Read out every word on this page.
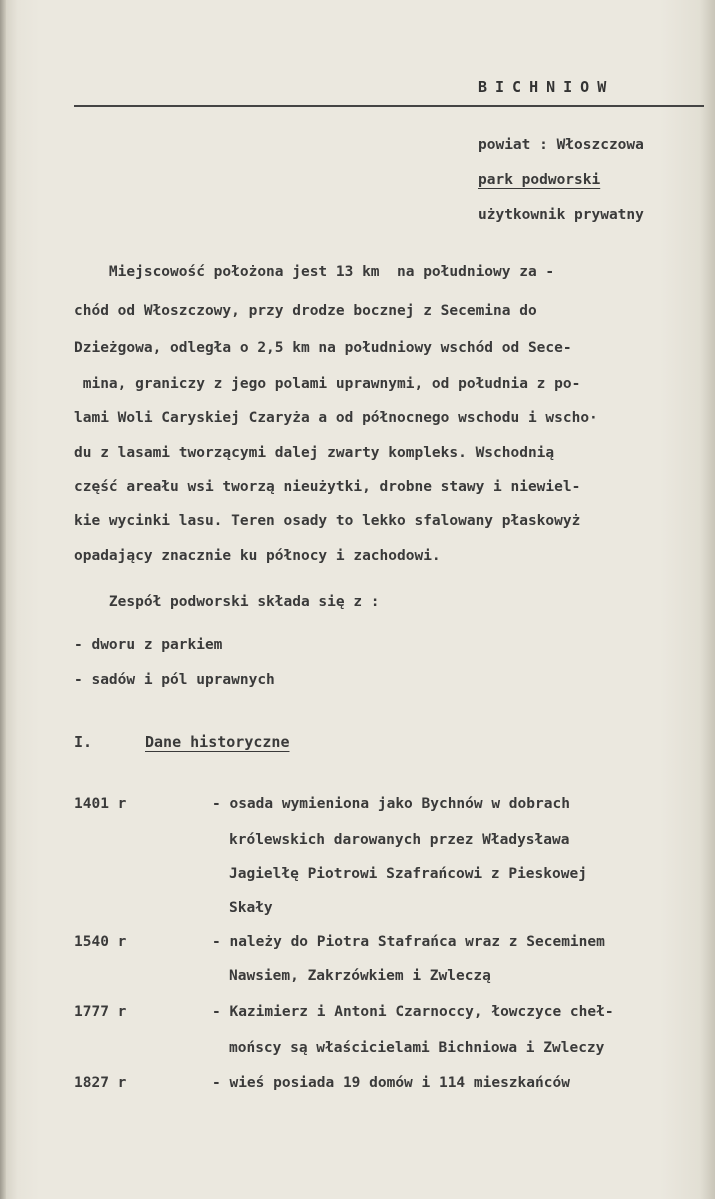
BICHNIOW
powiat : Włoszczowa
park podworski
użytkownik prywatny
Miejscowość położona jest 13 km  na południowy za -
chód od Włoszczowy, przy drodze bocznej z Secemina do
Dzieżgowa, odległa o 2,5 km na południowy wschód od Sece-
mina, graniczy z jego polami uprawnymi, od południa z po-
lami Woli Caryskiej Czaryża a od północnego wschodu i wscho·
du z lasami tworzącymi dalej zwarty kompleks. Wschodnią
część areału wsi tworzą nieużytki, drobne stawy i niewiel-
kie wycinki lasu. Teren osady to lekko sfalowany płaskowyż
opadający znacznie ku północy i zachodowi.
Zespół podworski składa się z :
- dworu z parkiem
- sadów i pól uprawnych
I.	Dane historyczne
1401 r	- osada wymieniona jako Bychnów w dobrach
królewskich darowanych przez Władysława
Jagielłę Piotrowi Szafrańcowi z Pieskowej
Skały
1540 r	- należy do Piotra Stafrańca wraz z Seceminem
Nawsiem, Zakrzówkiem i Zwleczą
1777 r	- Kazimierz i Antoni Czarnoccy, łowczyce cheł-
mońscy są właścicielami Bichniowa i Zwleczy
1827 r	- wieś posiada 19 domów i 114 mieszkańców
